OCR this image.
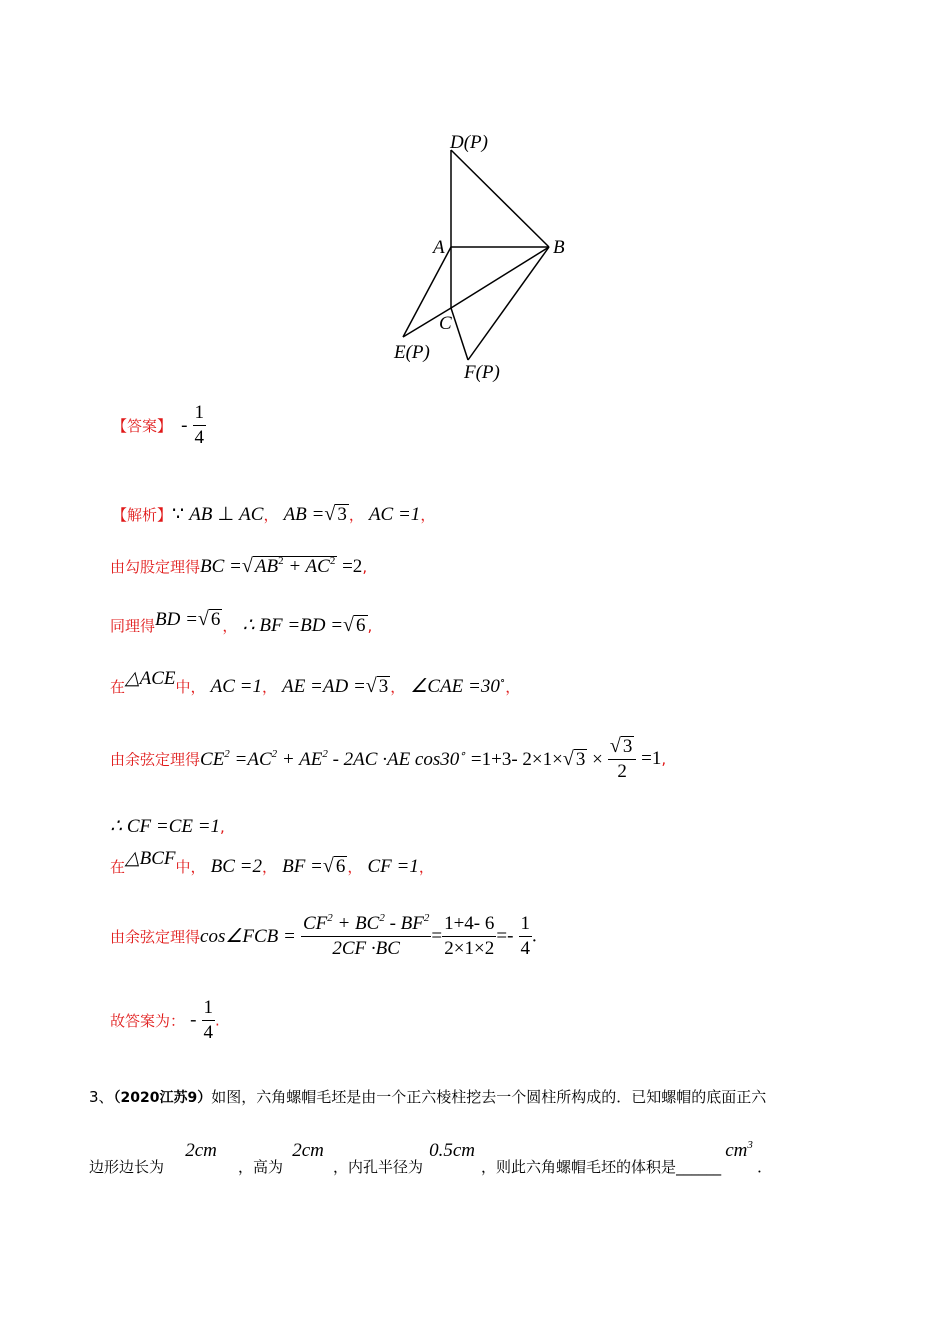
D(P)
A	B
C
E(P)
F(P)
【答案】 - $\frac{1}{4}$
【解析】∵ AB ⊥ AC， AB =√ 3 ， AC =1，
由勾股定理得BC =√ $AB^2 + AC^2 =2$,
同理得BD =√ 6 ， ∴ BF =BD =√ 6 ,
在△ACE中， AC =1， AE =AD =√ 3 ， ∠CAE =30∘，
由余弦定理得$CE^2 =AC^2 + AE^2 - 2AC \cdot AE$ cos30∘ =1+3- 2×1×√ $3 \times \frac{√ 3}{2} =1$,
∴ CF =CE =1,
在△BCF中， BC =2， BF =√ 6 ， CF =1，
由余弦定理得cos∠FCB = $\frac{CF^2 + BC^2 - BF^2}{2CF \cdot BC} = \frac{1+4- 6}{2\times 1\times 2} =- \frac{1}{4}$ .
故答案为： - $\frac{1}{4}$ .
3、（2020江苏9）如图，六角螺帽毛坯是由一个正六棱柱挖去一个圆柱所构成的．已知螺帽的底面正六
边形边长为2cm，高为2cm，内孔半径为0.5cm，则此六角螺帽毛坯的体积是$\_\_\_\_\_\_cm^3$．
